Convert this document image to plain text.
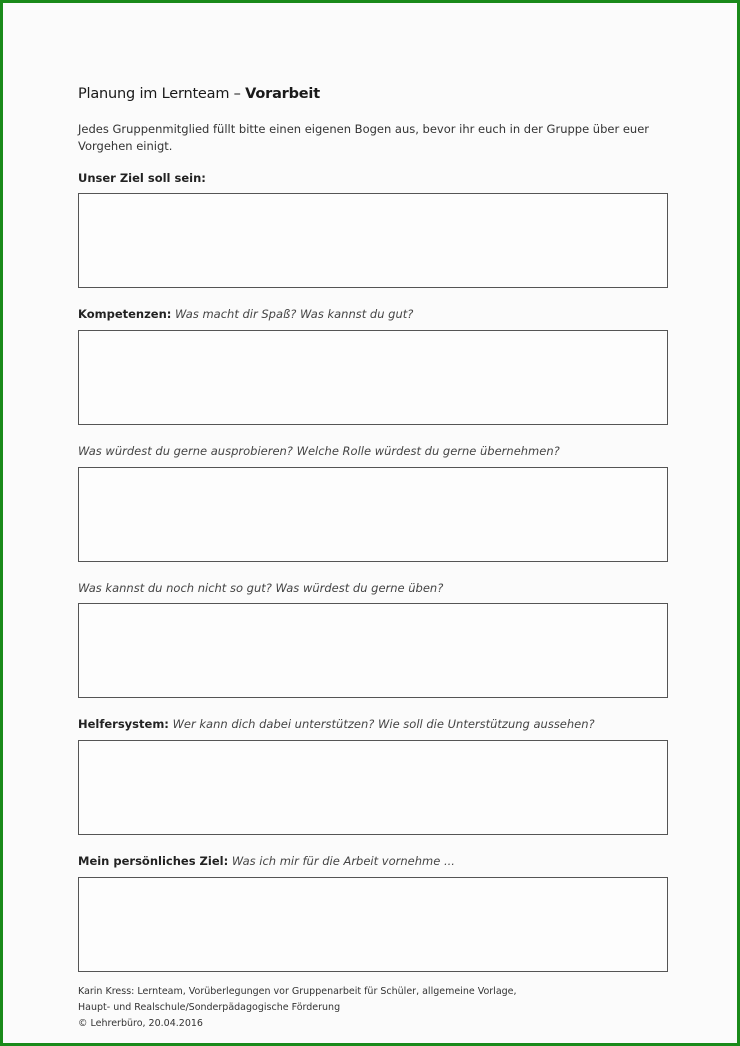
Planung im Lernteam – Vorarbeit
Jedes Gruppenmitglied füllt bitte einen eigenen Bogen aus, bevor ihr euch in der Gruppe über euer Vorgehen einigt.
Unser Ziel soll sein:
Kompetenzen: Was macht dir Spaß? Was kannst du gut?
Was würdest du gerne ausprobieren? Welche Rolle würdest du gerne übernehmen?
Was kannst du noch nicht so gut? Was würdest du gerne üben?
Helfersystem: Wer kann dich dabei unterstützen? Wie soll die Unterstützung aussehen?
Mein persönliches Ziel: Was ich mir für die Arbeit vornehme ...
Karin Kress: Lernteam, Vorüberlegungen vor Gruppenarbeit für Schüler, allgemeine Vorlage,
Haupt- und Realschule/Sonderpädagogische Förderung
© Lehrerbüro, 20.04.2016
